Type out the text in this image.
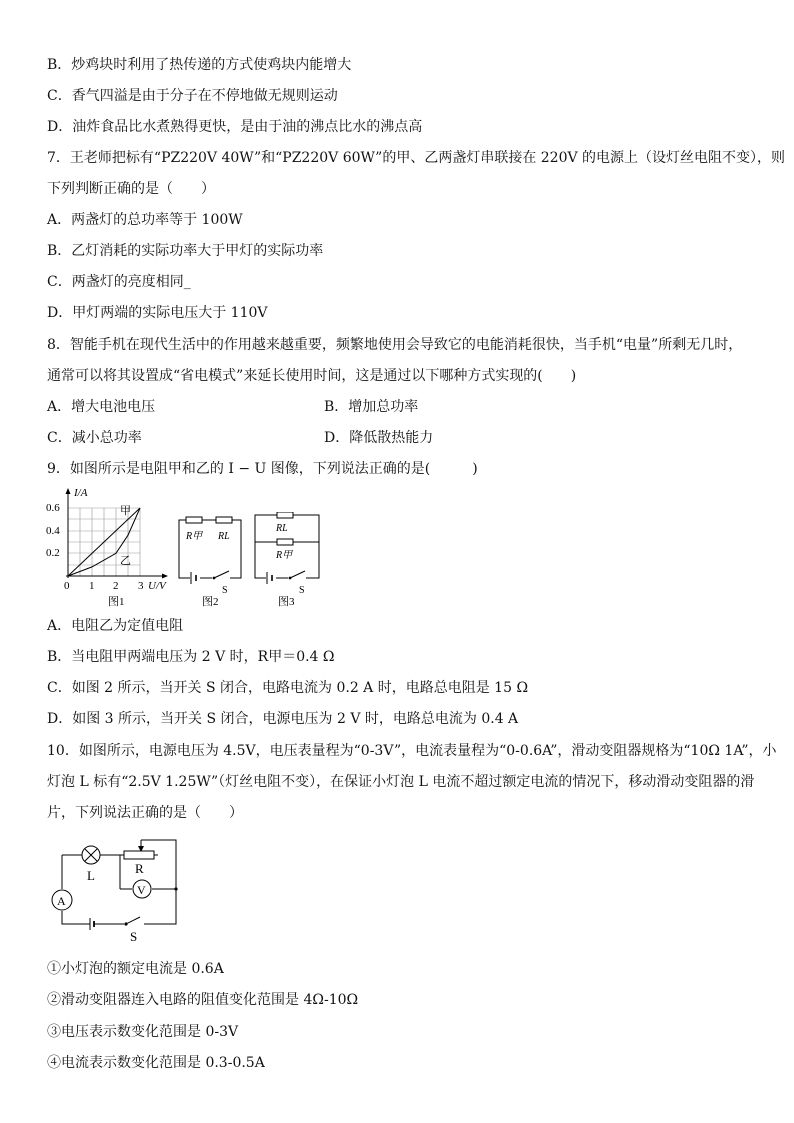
B．炒鸡块时利用了热传递的方式使鸡块内能增大
C．香气四溢是由于分子在不停地做无规则运动
D．油炸食品比水煮熟得更快，是由于油的沸点比水的沸点高
7．王老师把标有“PZ220V 40W”和“PZ220V 60W”的甲、乙两盏灯串联接在 220V 的电源上（设灯丝电阻不变），则
下列判断正确的是（　　）
A．两盏灯的总功率等于 100W
B．乙灯消耗的实际功率大于甲灯的实际功率
C．两盏灯的亮度相同_
D．甲灯两端的实际电压大于 110V
8．智能手机在现代生活中的作用越来越重要，频繁地使用会导致它的电能消耗很快，当手机“电量”所剩无几时，
通常可以将其设置成“省电模式”来延长使用时间，这是通过以下哪种方式实现的(　　)
A．增大电池电压	B．增加总功率
C．减小总功率	D．降低散热能力
9．如图所示是电阻甲和乙的 I − U 图像，下列说法正确的是(　　　)
I/A
0.6
0.4
0.2
0 1 2 3 U/V
甲
乙
图1
R甲 RL
S
图2
RL
R甲
S
图3
A．电阻乙为定值电阻
B．当电阻甲两端电压为 2 V 时，R甲＝0.4 Ω
C．如图 2 所示，当开关 S 闭合，电路电流为 0.2 A 时，电路总电阻是 15 Ω
D．如图 3 所示，当开关 S 闭合，电源电压为 2 V 时，电路总电流为 0.4 A
10．如图所示，电源电压为 4.5V，电压表量程为“0-3V”，电流表量程为“0-0.6A”，滑动变阻器规格为“10Ω 1A”，小
灯泡 L 标有“2.5V 1.25W”（灯丝电阻不变），在保证小灯泡 L 电流不超过额定电流的情况下，移动滑动变阻器的滑
片，下列说法正确的是（　　）
L	R
V
A
S
①小灯泡的额定电流是 0.6A
②滑动变阻器连入电路的阻值变化范围是 4Ω-10Ω
③电压表示数变化范围是 0-3V
④电流表示数变化范围是 0.3-0.5A
